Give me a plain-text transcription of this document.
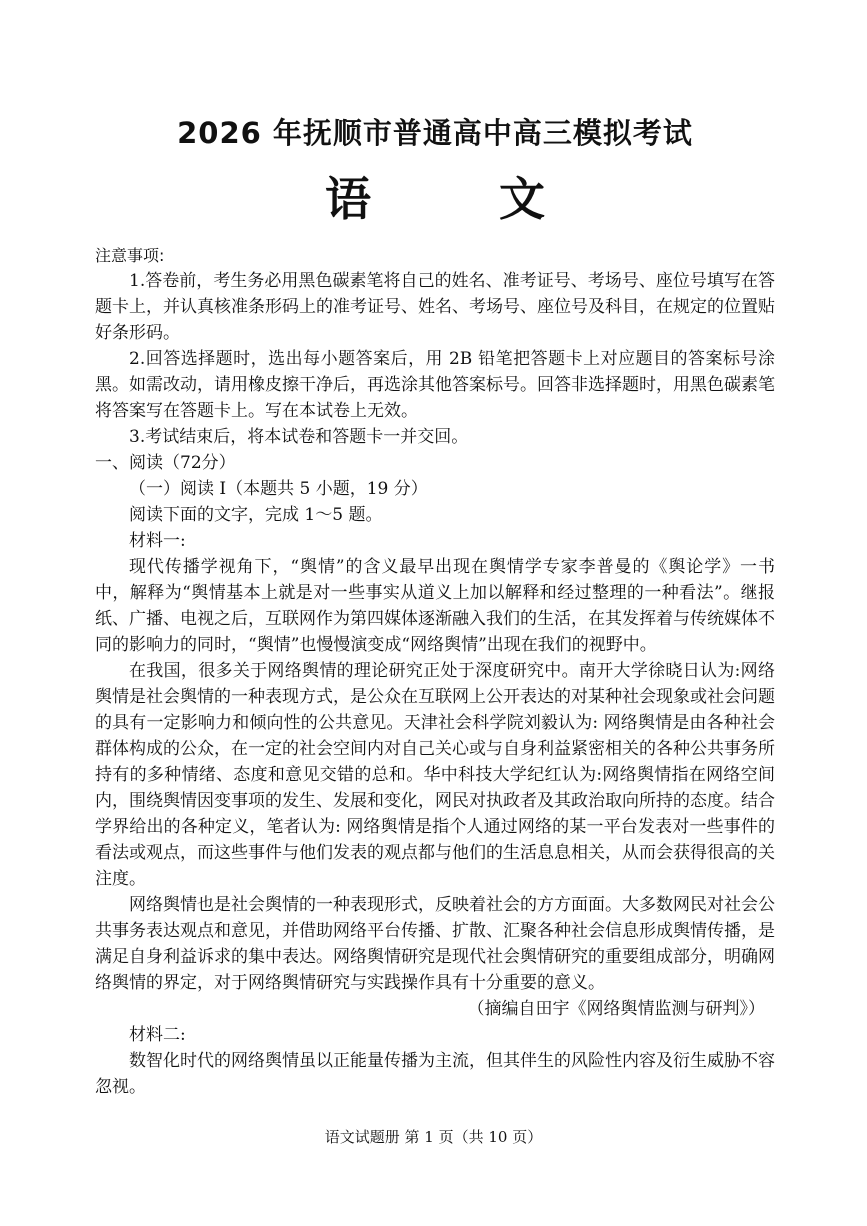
2026 年抚顺市普通高中高三模拟考试
语 文

注意事项:

1.答卷前，考生务必用黑色碳素笔将自己的姓名、准考证号、考场号、座位号填写在答题卡上，并认真核准条形码上的准考证号、姓名、考场号、座位号及科目，在规定的位置贴好条形码。

2.回答选择题时，选出每小题答案后，用 2B 铅笔把答题卡上对应题目的答案标号涂黑。如需改动，请用橡皮擦干净后，再选涂其他答案标号。回答非选择题时，用黑色碳素笔将答案写在答题卡上。写在本试卷上无效。

3.考试结束后，将本试卷和答题卡一并交回。

一、阅读（72分）

（一）阅读 I（本题共 5 小题，19 分）

阅读下面的文字，完成 1～5 题。

材料一:

现代传播学视角下，“舆情”的含义最早出现在舆情学专家李普曼的《舆论学》一书中，解释为“舆情基本上就是对一些事实从道义上加以解释和经过整理的一种看法”。继报纸、广播、电视之后，互联网作为第四媒体逐渐融入我们的生活，在其发挥着与传统媒体不同的影响力的同时，“舆情”也慢慢演变成“网络舆情”出现在我们的视野中。

在我国，很多关于网络舆情的理论研究正处于深度研究中。南开大学徐晓日认为:网络舆情是社会舆情的一种表现方式，是公众在互联网上公开表达的对某种社会现象或社会问题的具有一定影响力和倾向性的公共意见。天津社会科学院刘毅认为: 网络舆情是由各种社会群体构成的公众，在一定的社会空间内对自己关心或与自身利益紧密相关的各种公共事务所持有的多种情绪、态度和意见交错的总和。华中科技大学纪红认为:网络舆情指在网络空间内，围绕舆情因变事项的发生、发展和变化，网民对执政者及其政治取向所持的态度。结合学界给出的各种定义，笔者认为: 网络舆情是指个人通过网络的某一平台发表对一些事件的看法或观点，而这些事件与他们发表的观点都与他们的生活息息相关，从而会获得很高的关注度。

网络舆情也是社会舆情的一种表现形式，反映着社会的方方面面。大多数网民对社会公共事务表达观点和意见，并借助网络平台传播、扩散、汇聚各种社会信息形成舆情传播，是满足自身利益诉求的集中表达。网络舆情研究是现代社会舆情研究的重要组成部分，明确网络舆情的界定，对于网络舆情研究与实践操作具有十分重要的意义。

（摘编自田宇《网络舆情监测与研判》）

材料二:

数智化时代的网络舆情虽以正能量传播为主流，但其伴生的风险性内容及衍生威胁不容忽视。

语文试题册 第 1 页（共 10 页）
